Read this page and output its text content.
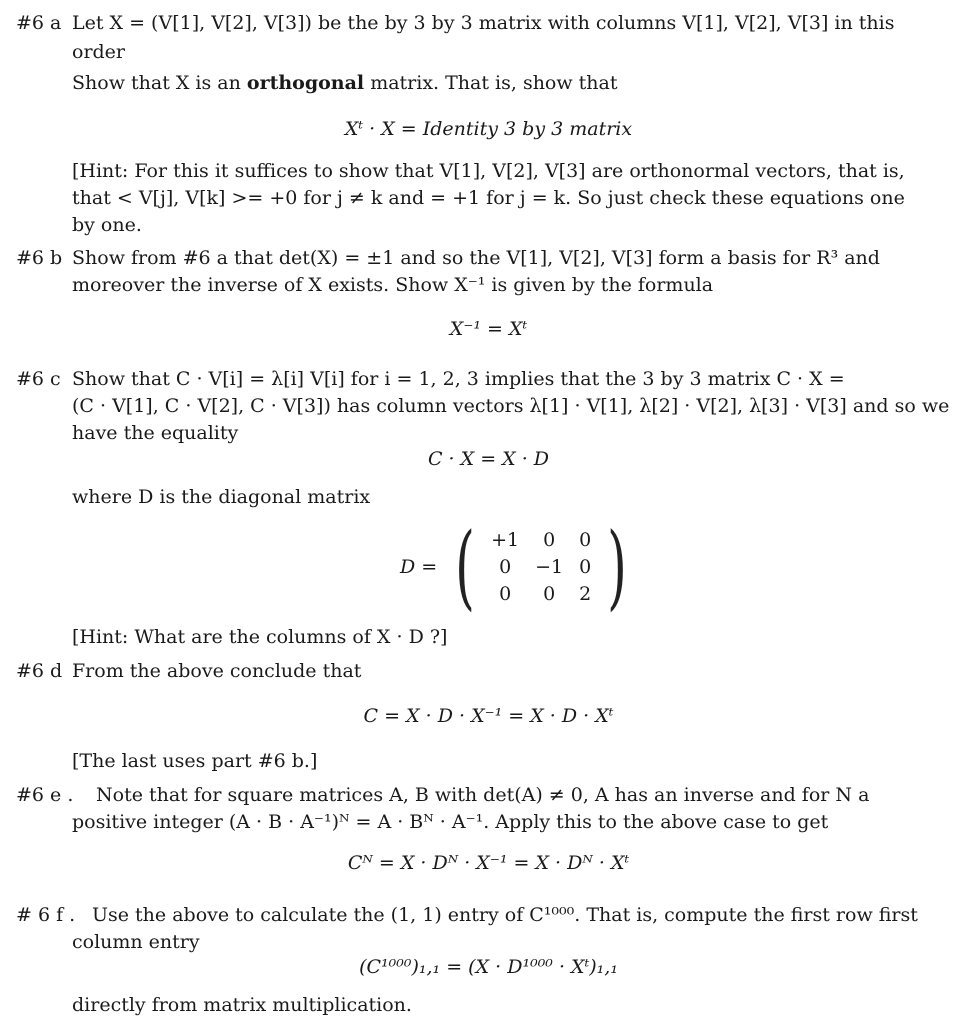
#6 a Let X = (V[1], V[2], V[3]) be the by 3 by 3 matrix with columns V[1], V[2], V[3] in this
order
Show that X is an orthogonal matrix. That is, show that
Xᵗ · X = Identity 3 by 3 matrix
[Hint: For this it suffices to show that V[1], V[2], V[3] are orthonormal vectors, that is,
that < V[j], V[k] >= +0 for j ≠ k and = +1 for j = k. So just check these equations one
by one.
#6 b Show from #6 a that det(X) = ±1 and so the V[1], V[2], V[3] form a basis for R³ and
moreover the inverse of X exists. Show X⁻¹ is given by the formula
X⁻¹ = Xᵗ
#6 c Show that C · V[i] = λ[i] V[i] for i = 1, 2, 3 implies that the 3 by 3 matrix C · X =
(C · V[1], C · V[2], C · V[3]) has column vectors λ[1] · V[1], λ[2] · V[2], λ[3] · V[3] and so we
have the equality
C · X = X · D
where D is the diagonal matrix
D = ( +1	0	0
0	−1	0
0	0	2 )
[Hint: What are the columns of X · D ?]
#6 d From the above conclude that
C = X · D · X⁻¹ = X · D · Xᵗ
[The last uses part #6 b.]
#6 e . Note that for square matrices A, B with det(A) ≠ 0, A has an inverse and for N a
positive integer (A · B · A⁻¹)ᴺ = A · Bᴺ · A⁻¹. Apply this to the above case to get
Cᴺ = X · Dᴺ · X⁻¹ = X · Dᴺ · Xᵗ
# 6 f . Use the above to calculate the (1, 1) entry of C¹⁰⁰⁰. That is, compute the first row first
column entry
(C¹⁰⁰⁰)₁,₁ = (X · D¹⁰⁰⁰ · Xᵗ)₁,₁
directly from matrix multiplication.
